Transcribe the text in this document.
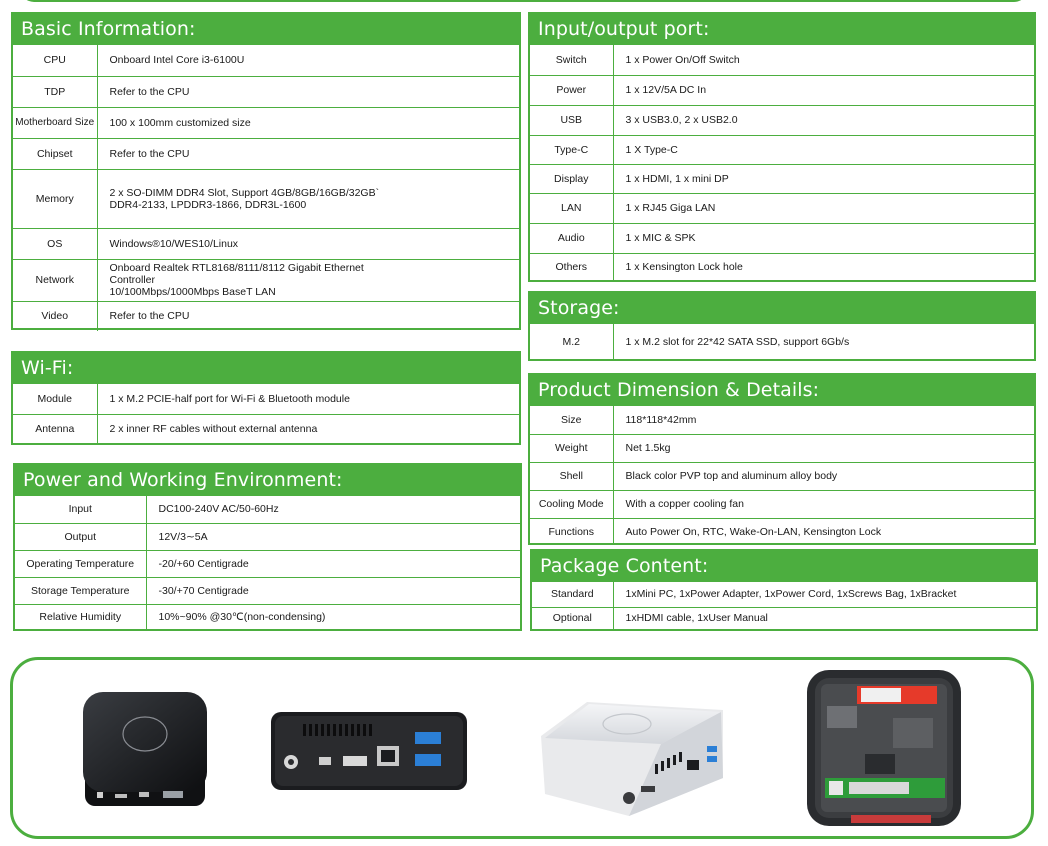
Basic Information:
CPU	Onboard Intel Core i3-6100U
TDP	Refer to the CPU
Motherboard Size	100 x 100mm customized size
Chipset	Refer to the CPU
Memory	2 x SO-DIMM DDR4 Slot, Support 4GB/8GB/16GB/32GB`
DDR4-2133, LPDDR3-1866, DDR3L-1600
OS	Windows®10/WES10/Linux
Network	Onboard Realtek RTL8168/8111/8112 Gigabit Ethernet
Controller
10/100Mbps/1000Mbps BaseT LAN
Video	Refer to the CPU
Wi-Fi:
Module	1 x M.2 PCIE-half port for Wi-Fi & Bluetooth module
Antenna	2 x inner RF cables without external antenna
Power and Working Environment:
Input	DC100-240V AC/50-60Hz
Output	12V/3∼5A
Operating Temperature	-20/+60 Centigrade
Storage Temperature	-30/+70 Centigrade
Relative Humidity	10%~90% @30℃(non-condensing)
Input/output port:
Switch	1 x Power On/Off Switch
Power	1 x 12V/5A DC In
USB	3 x USB3.0, 2 x USB2.0
Type-C	1 X Type-C
Display	1 x HDMI, 1 x mini DP
LAN	1 x RJ45 Giga LAN
Audio	1 x MIC & SPK
Others	1 x Kensington Lock hole
Storage:
M.2	1 x M.2 slot for 22*42 SATA SSD, support 6Gb/s
Product Dimension & Details:
Size	118*118*42mm
Weight	Net 1.5kg
Shell	Black color PVP top and aluminum alloy body
Cooling Mode	With a copper cooling fan
Functions	Auto Power On, RTC, Wake-On-LAN, Kensington Lock
Package Content:
Standard	1xMini PC, 1xPower Adapter, 1xPower Cord, 1xScrews Bag, 1xBracket
Optional	1xHDMI cable, 1xUser Manual
